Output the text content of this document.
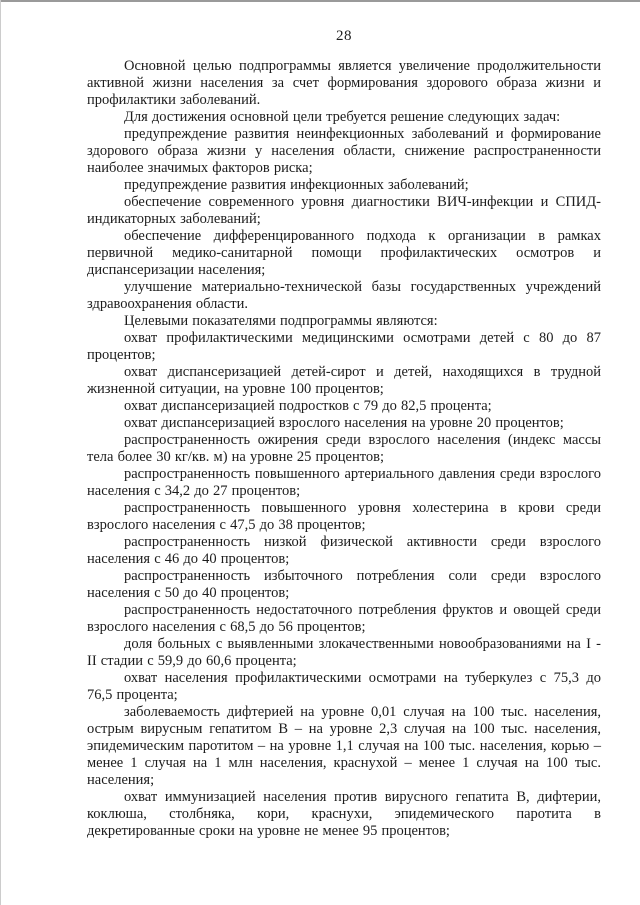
28

Основной целью подпрограммы является увеличение продолжительности активной жизни населения за счет формирования здорового образа жизни и профилактики заболеваний.

Для достижения основной цели требуется решение следующих задач:

предупреждение развития неинфекционных заболеваний и формирование здорового образа жизни у населения области, снижение распространенности наиболее значимых факторов риска;

предупреждение развития инфекционных заболеваний;

обеспечение современного уровня диагностики ВИЧ-инфекции и СПИД-индикаторных заболеваний;

обеспечение дифференцированного подхода к организации в рамках первичной медико-санитарной помощи профилактических осмотров и диспансеризации населения;

улучшение материально-технической базы государственных учреждений здравоохранения области.

Целевыми показателями подпрограммы являются:

охват профилактическими медицинскими осмотрами детей с 80 до 87 процентов;

охват диспансеризацией детей-сирот и детей, находящихся в трудной жизненной ситуации, на уровне 100 процентов;

охват диспансеризацией подростков с 79 до 82,5 процента;

охват диспансеризацией взрослого населения на уровне 20 процентов;

распространенность ожирения среди взрослого населения (индекс массы тела более 30 кг/кв. м) на уровне 25 процентов;

распространенность повышенного артериального давления среди взрослого населения с 34,2 до 27 процентов;

распространенность повышенного уровня холестерина в крови среди взрослого населения с 47,5 до 38 процентов;

распространенность низкой физической активности среди взрослого населения с 46 до 40 процентов;

распространенность избыточного потребления соли среди взрослого населения с 50 до 40 процентов;

распространенность недостаточного потребления фруктов и овощей среди взрослого населения с 68,5 до 56 процентов;

доля больных с выявленными злокачественными новообразованиями на I - II стадии с 59,9 до 60,6 процента;

охват населения профилактическими осмотрами на туберкулез с 75,3 до 76,5 процента;

заболеваемость дифтерией на уровне 0,01 случая на 100 тыс. населения, острым вирусным гепатитом В – на уровне 2,3 случая на 100 тыс. населения, эпидемическим паротитом – на уровне 1,1 случая на 100 тыс. населения, корью – менее 1 случая на 1 млн населения, краснухой – менее 1 случая на 100 тыс. населения;

охват иммунизацией населения против вирусного гепатита В, дифтерии, коклюша, столбняка, кори, краснухи, эпидемического паротита в декретированные сроки на уровне не менее 95 процентов;
